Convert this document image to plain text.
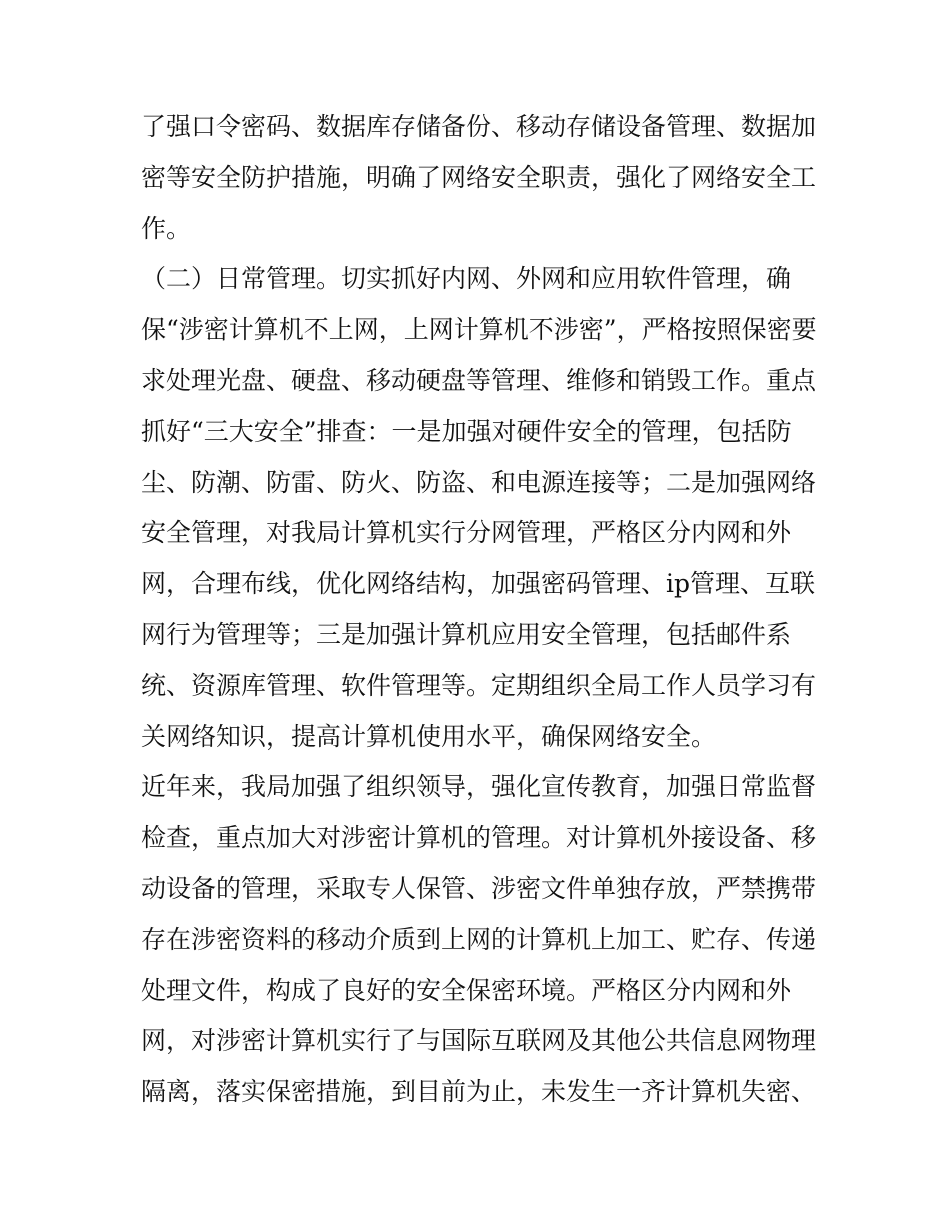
了强口令密码、数据库存储备份、移动存储设备管理、数据加
密等安全防护措施，明确了网络安全职责，强化了网络安全工
作。
（二）日常管理。切实抓好内网、外网和应用软件管理，确
保“涉密计算机不上网，上网计算机不涉密”，严格按照保密要
求处理光盘、硬盘、移动硬盘等管理、维修和销毁工作。重点
抓好“三大安全”排查：一是加强对硬件安全的管理，包括防
尘、防潮、防雷、防火、防盗、和电源连接等；二是加强网络
安全管理，对我局计算机实行分网管理，严格区分内网和外
网，合理布线，优化网络结构，加强密码管理、ip管理、互联
网行为管理等；三是加强计算机应用安全管理，包括邮件系
统、资源库管理、软件管理等。定期组织全局工作人员学习有
关网络知识，提高计算机使用水平，确保网络安全。
近年来，我局加强了组织领导，强化宣传教育，加强日常监督
检查，重点加大对涉密计算机的管理。对计算机外接设备、移
动设备的管理，采取专人保管、涉密文件单独存放，严禁携带
存在涉密资料的移动介质到上网的计算机上加工、贮存、传递
处理文件，构成了良好的安全保密环境。严格区分内网和外
网，对涉密计算机实行了与国际互联网及其他公共信息网物理
隔离，落实保密措施，到目前为止，未发生一齐计算机失密、
